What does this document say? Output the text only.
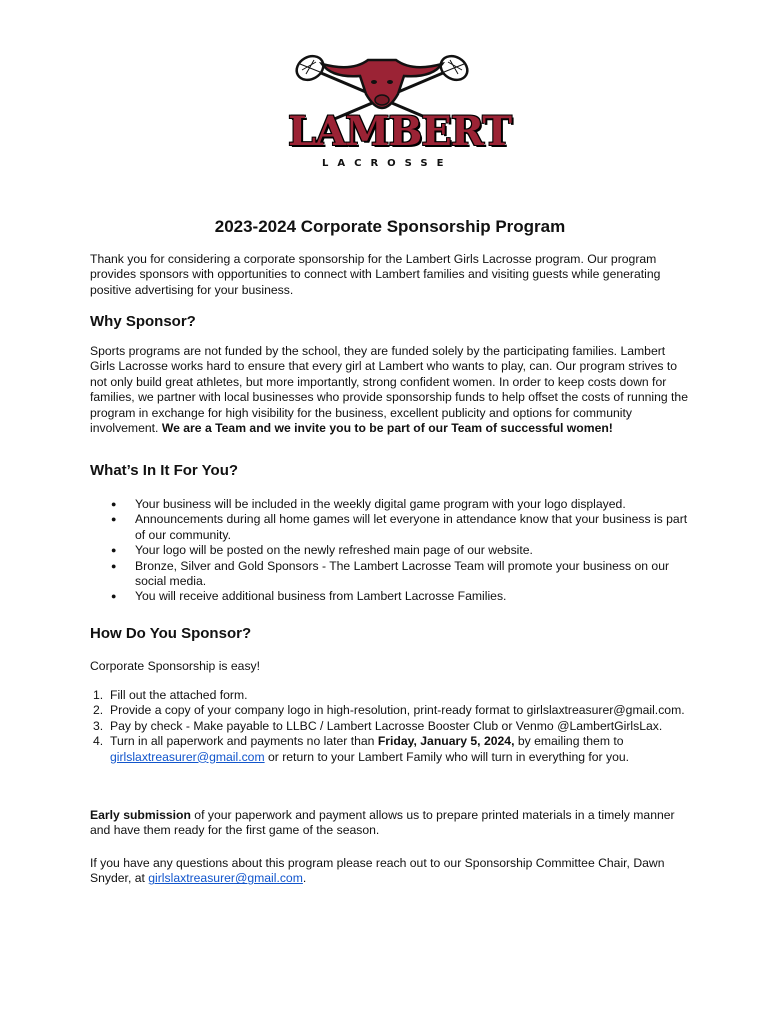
LAMBERT
LACROSSE
2023-2024 Corporate Sponsorship Program

Thank you for considering a corporate sponsorship for the Lambert Girls Lacrosse program. Our program provides sponsors with opportunities to connect with Lambert families and visiting guests while generating positive advertising for your business.

Why Sponsor?

Sports programs are not funded by the school, they are funded solely by the participating families. Lambert Girls Lacrosse works hard to ensure that every girl at Lambert who wants to play, can. Our program strives to not only build great athletes, but more importantly, strong confident women. In order to keep costs down for families, we partner with local businesses who provide sponsorship funds to help offset the costs of running the program in exchange for high visibility for the business, excellent publicity and options for community involvement. We are a Team and we invite you to be part of our Team of successful women!

What’s In It For You?
● Your business will be included in the weekly digital game program with your logo displayed.
● Announcements during all home games will let everyone in attendance know that your business is part of our community.
● Your logo will be posted on the newly refreshed main page of our website.
● Bronze, Silver and Gold Sponsors - The Lambert Lacrosse Team will promote your business on our social media.
● You will receive additional business from Lambert Lacrosse Families.
How Do You Sponsor?

Corporate Sponsorship is easy!

1. Fill out the attached form.
2. Provide a copy of your company logo in high-resolution, print-ready format to girlslaxtreasurer@gmail.com.
3. Pay by check - Make payable to LLBC / Lambert Lacrosse Booster Club or Venmo @LambertGirlsLax.
4. Turn in all paperwork and payments no later than Friday, January 5, 2024, by emailing them to girlslaxtreasurer@gmail.com or return to your Lambert Family who will turn in everything for you.

Early submission of your paperwork and payment allows us to prepare printed materials in a timely manner and have them ready for the first game of the season.

If you have any questions about this program please reach out to our Sponsorship Committee Chair, Dawn Snyder, at girlslaxtreasurer@gmail.com.
